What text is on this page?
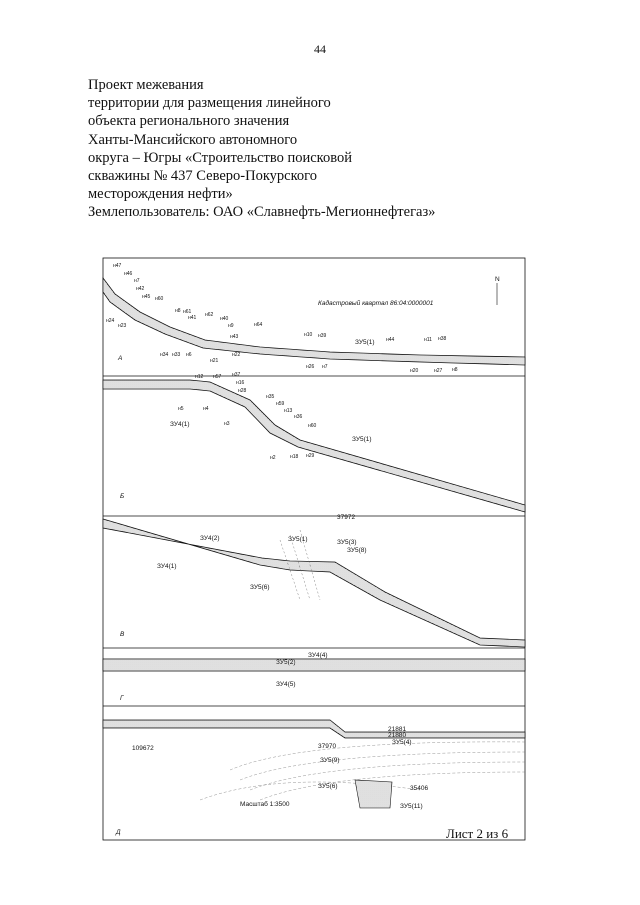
44
Проект межевания
территории для размещения линейного
объекта регионального значения
Ханты-Мансийского автономного
округа – Югры «Строительство поисковой
скважины № 437 Северо-Покурского
месторождения нефти»
Землепользователь: ОАО «Славнефть-Мегионнефтегаз»
N
Кадастровый квартал 86:04:0000001
ЗУ5(1)
А
н47
н46
н7
н42
н45 н60
н24
н23
н8 н61
н41 н62
н40
н9
н43
н34 н33 н6	н22
н64
н21
н10 н39
н26 н7
н44	н11 н38
н20	н27 н8
ЗУ4(1)
ЗУ5(1)
Б
н12 н57 н37
н16
н28
н5	н4
н3
н35
н59
н13
н36
н60
н2	н18 н29
ЗУ4(2)	ЗУ5(1)	ЗУ5(3)
ЗУ5(8)
ЗУ4(1)
ЗУ5(6)
В
ЗУ5(2)
ЗУ4(4)
ЗУ4(5)
Г
109672	37970
21881
21880
35406
37972
ЗУ5(9)
ЗУ5(6)
ЗУ5(11)
ЗУ5(4)
Масштаб 1:3500
Д	Лист 2 из 6
